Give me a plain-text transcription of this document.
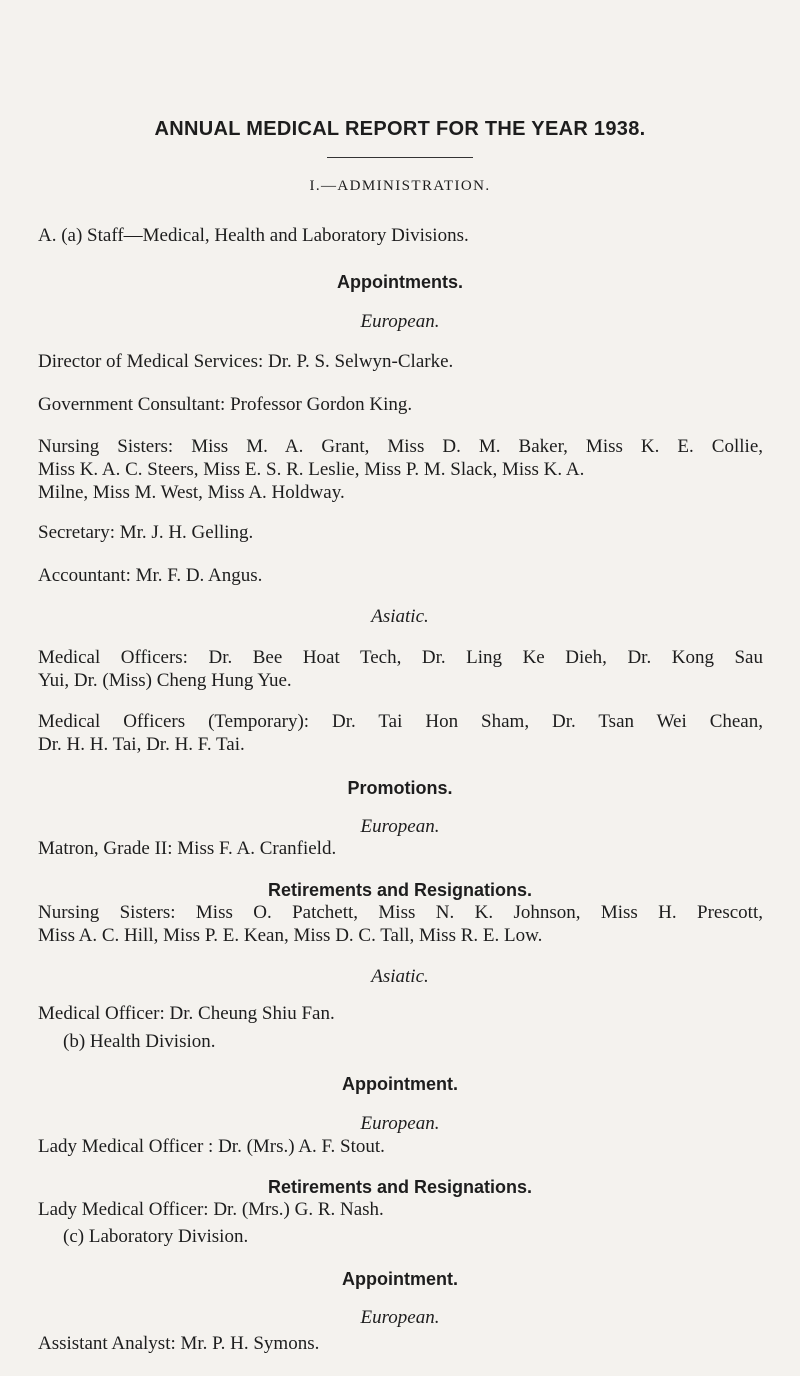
ANNUAL MEDICAL REPORT FOR THE YEAR 1938.
I.—ADMINISTRATION.
A. (a) Staff—Medical, Health and Laboratory Divisions.
Appointments.
European.
Director of Medical Services: Dr. P. S. Selwyn-Clarke.
Government Consultant: Professor Gordon King.
Nursing Sisters: Miss M. A. Grant, Miss D. M. Baker, Miss K. E. Collie,
Miss K. A. C. Steers, Miss E. S. R. Leslie, Miss P. M. Slack, Miss K. A.
Milne, Miss M. West, Miss A. Holdway.
Secretary: Mr. J. H. Gelling.
Accountant: Mr. F. D. Angus.
Asiatic.
Medical Officers: Dr. Bee Hoat Tech, Dr. Ling Ke Dieh, Dr. Kong Sau
Yui, Dr. (Miss) Cheng Hung Yue.
Medical Officers (Temporary): Dr. Tai Hon Sham, Dr. Tsan Wei Chean,
Dr. H. H. Tai, Dr. H. F. Tai.
Promotions.
European.
Matron, Grade II: Miss F. A. Cranfield.
Retirements and Resignations.
Nursing Sisters: Miss O. Patchett, Miss N. K. Johnson, Miss H. Prescott,
Miss A. C. Hill, Miss P. E. Kean, Miss D. C. Tall, Miss R. E. Low.
Asiatic.
Medical Officer: Dr. Cheung Shiu Fan.
(b) Health Division.
Appointment.
European.
Lady Medical Officer : Dr. (Mrs.) A. F. Stout.
Retirements and Resignations.
Lady Medical Officer: Dr. (Mrs.) G. R. Nash.
(c) Laboratory Division.
Appointment.
European.
Assistant Analyst: Mr. P. H. Symons.
